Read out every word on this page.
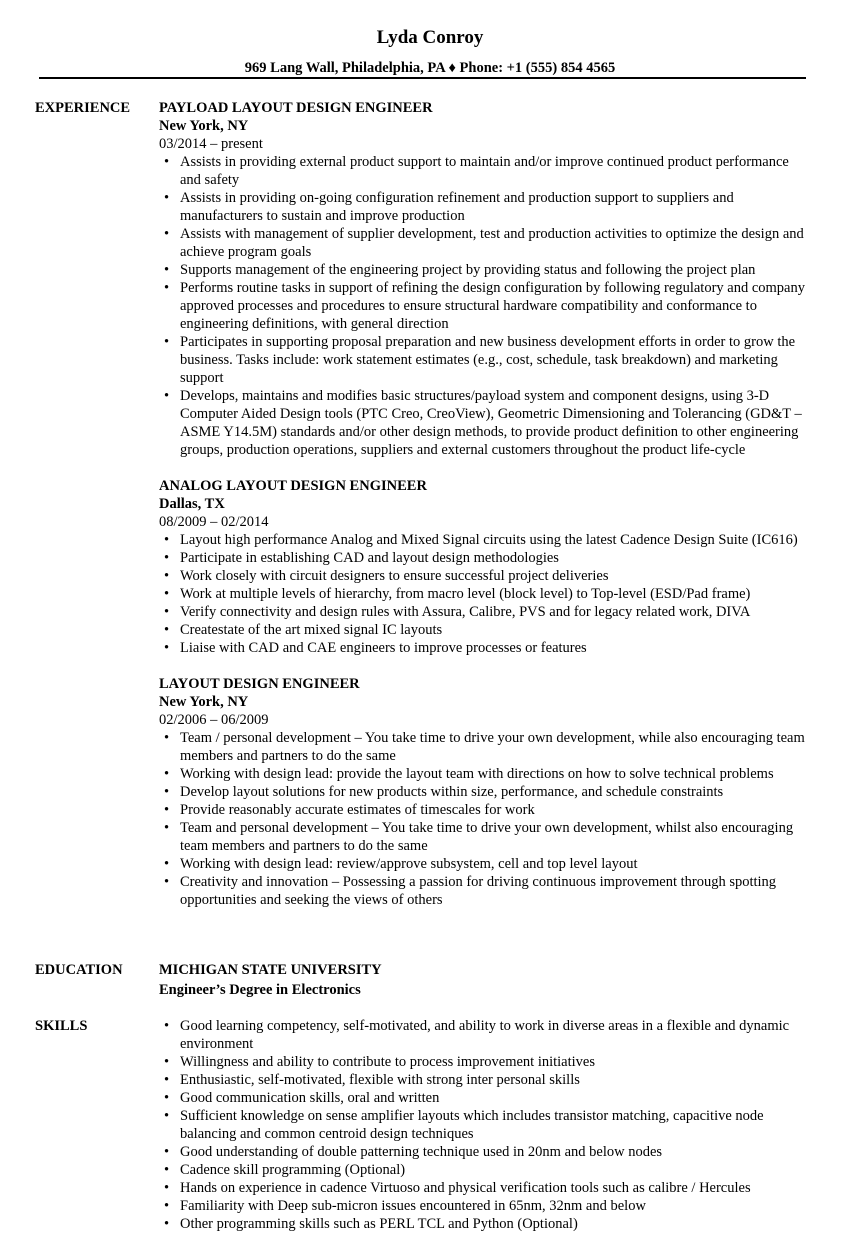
Lyda Conroy
969 Lang Wall, Philadelphia, PA ♦ Phone: +1 (555) 854 4565
EXPERIENCE PAYLOAD LAYOUT DESIGN ENGINEER
New York, NY
03/2014 – present
• Assists in providing external product support to maintain and/or improve continued product performance and safety
• Assists in providing on-going configuration refinement and production support to suppliers and manufacturers to sustain and improve production
• Assists with management of supplier development, test and production activities to optimize the design and achieve program goals
• Supports management of the engineering project by providing status and following the project plan
• Performs routine tasks in support of refining the design configuration by following regulatory and company approved processes and procedures to ensure structural hardware compatibility and conformance to engineering definitions, with general direction
• Participates in supporting proposal preparation and new business development efforts in order to grow the business. Tasks include: work statement estimates (e.g., cost, schedule, task breakdown) and marketing support
• Develops, maintains and modifies basic structures/payload system and component designs, using 3-D Computer Aided Design tools (PTC Creo, CreoView), Geometric Dimensioning and Tolerancing (GD&T – ASME Y14.5M) standards and/or other design methods, to provide product definition to other engineering groups, production operations, suppliers and external customers throughout the product life-cycle
ANALOG LAYOUT DESIGN ENGINEER
Dallas, TX
08/2009 – 02/2014
• Layout high performance Analog and Mixed Signal circuits using the latest Cadence Design Suite (IC616)
• Participate in establishing CAD and layout design methodologies
• Work closely with circuit designers to ensure successful project deliveries
• Work at multiple levels of hierarchy, from macro level (block level) to Top-level (ESD/Pad frame)
• Verify connectivity and design rules with Assura, Calibre, PVS and for legacy related work, DIVA
• Createstate of the art mixed signal IC layouts
• Liaise with CAD and CAE engineers to improve processes or features
LAYOUT DESIGN ENGINEER
New York, NY
02/2006 – 06/2009
• Team / personal development – You take time to drive your own development, while also encouraging team members and partners to do the same
• Working with design lead: provide the layout team with directions on how to solve technical problems
• Develop layout solutions for new products within size, performance, and schedule constraints
• Provide reasonably accurate estimates of timescales for work
• Team and personal development – You take time to drive your own development, whilst also encouraging team members and partners to do the same
• Working with design lead: review/approve subsystem, cell and top level layout
• Creativity and innovation – Possessing a passion for driving continuous improvement through spotting opportunities and seeking the views of others
EDUCATION	MICHIGAN STATE UNIVERSITY
Engineer’s Degree in Electronics
SKILLS
•	Good learning competency, self-motivated, and ability to work in diverse areas in a flexible and dynamic environment
• Willingness and ability to contribute to process improvement initiatives
• Enthusiastic, self-motivated, flexible with strong inter personal skills
• Good communication skills, oral and written
• Sufficient knowledge on sense amplifier layouts which includes transistor matching, capacitive node balancing and common centroid design techniques
• Good understanding of double patterning technique used in 20nm and below nodes
• Cadence skill programming (Optional)
• Hands on experience in cadence Virtuoso and physical verification tools such as calibre / Hercules
• Familiarity with Deep sub-micron issues encountered in 65nm, 32nm and below
• Other programming skills such as PERL TCL and Python (Optional)
